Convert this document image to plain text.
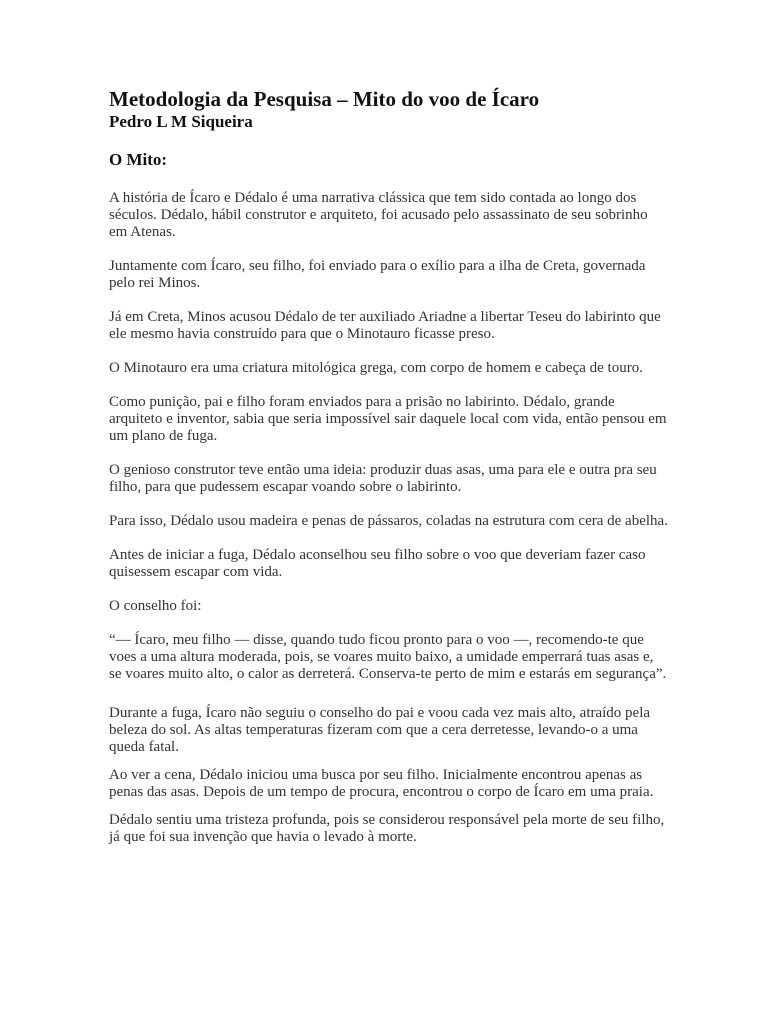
Metodologia da Pesquisa – Mito do voo de Ícaro
Pedro L M Siqueira
O Mito:

A história de Ícaro e Dédalo é uma narrativa clássica que tem sido contada ao longo dos séculos. Dédalo, hábil construtor e arquiteto, foi acusado pelo assassinato de seu sobrinho em Atenas.

Juntamente com Ícaro, seu filho, foi enviado para o exílio para a ilha de Creta, governada pelo rei Minos.

Já em Creta, Minos acusou Dédalo de ter auxiliado Ariadne a libertar Teseu do labirinto que ele mesmo havia construído para que o Minotauro ficasse preso.

O Minotauro era uma criatura mitológica grega, com corpo de homem e cabeça de touro.

Como punição, pai e filho foram enviados para a prisão no labirinto. Dédalo, grande arquiteto e inventor, sabia que seria impossível sair daquele local com vida, então pensou em um plano de fuga.

O genioso construtor teve então uma ideia: produzir duas asas, uma para ele e outra pra seu filho, para que pudessem escapar voando sobre o labirinto.

Para isso, Dédalo usou madeira e penas de pássaros, coladas na estrutura com cera de abelha.

Antes de iniciar a fuga, Dédalo aconselhou seu filho sobre o voo que deveriam fazer caso quisessem escapar com vida.

O conselho foi:

“— Ícaro, meu filho — disse, quando tudo ficou pronto para o voo —, recomendo-te que voes a uma altura moderada, pois, se voares muito baixo, a umidade emperrará tuas asas e, se voares muito alto, o calor as derreterá. Conserva-te perto de mim e estarás em segurança”.

Durante a fuga, Ícaro não seguiu o conselho do pai e voou cada vez mais alto, atraído pela beleza do sol. As altas temperaturas fizeram com que a cera derretesse, levando-o a uma queda fatal.

Ao ver a cena, Dédalo iniciou uma busca por seu filho. Inicialmente encontrou apenas as penas das asas. Depois de um tempo de procura, encontrou o corpo de Ícaro em uma praia.

Dédalo sentiu uma tristeza profunda, pois se considerou responsável pela morte de seu filho, já que foi sua invenção que havia o levado à morte.
